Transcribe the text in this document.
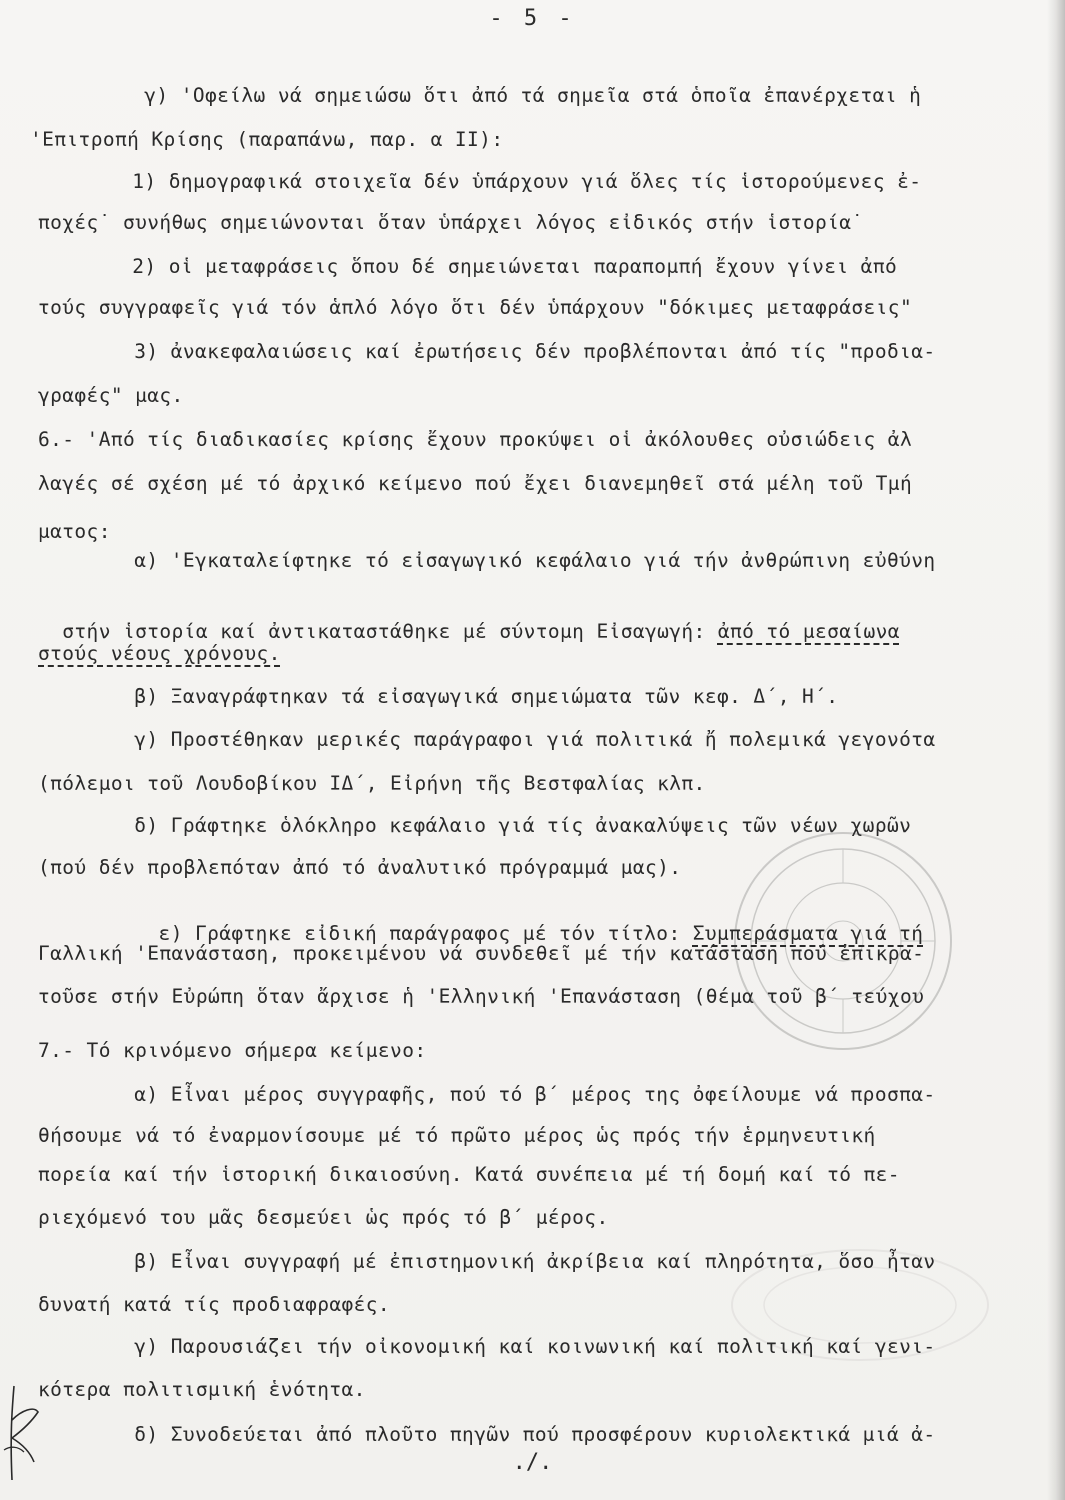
- 5 -
γ) 'Οφείλω νά σημειώσω ὅτι ἀπό τά σημεῖα στά ὁποῖα ἐπανέρχεται ἡ
'Επιτροπή Κρίσης (παραπάνω, παρ. α II):
1) δημογραφικά στοιχεῖα δέν ὑπάρχουν γιά ὅλες τίς ἱστορούμενες ἐ-
ποχές˙ συνήθως σημειώνονται ὅταν ὑπάρχει λόγος εἰδικός στήν ἱστορία˙
2) οἱ μεταφράσεις ὅπου δέ σημειώνεται παραπομπή ἔχουν γίνει ἀπό
τούς συγγραφεῖς γιά τόν ἁπλό λόγο ὅτι δέν ὑπάρχουν "δόκιμες μεταφράσεις"
3) ἀνακεφαλαιώσεις καί ἐρωτήσεις δέν προβλέπονται ἀπό τίς "προδια-
γραφές" μας.
6.- 'Από τίς διαδικασίες κρίσης ἔχουν προκύψει οἱ ἀκόλουθες οὐσιώδεις ἀλ
λαγές σέ σχέση μέ τό ἀρχικό κείμενο πού ἔχει διανεμηθεῖ στά μέλη τοῦ Τμή
ματος:
α) 'Εγκαταλείφτηκε τό εἰσαγωγικό κεφάλαιο γιά τήν ἀνθρώπινη εὐθύνη

στήν ἱστορία καί ἀντικαταστάθηκε μέ σύντομη Εἰσαγωγή: ἀπό τό μεσαίωνα

στούς νέους χρόνους.
β) Ξαναγράφτηκαν τά εἰσαγωγικά σημειώματα τῶν κεφ. Δ΄, Η΄.
γ) Προστέθηκαν μερικές παράγραφοι γιά πολιτικά ἤ πολεμικά γεγονότα
(πόλεμοι τοῦ Λουδοβίκου ΙΔ΄, Εἰρήνη τῆς Βεστφαλίας κλπ.
δ) Γράφτηκε ὁλόκληρο κεφάλαιο γιά τίς ἀνακαλύψεις τῶν νέων χωρῶν
(πού δέν προβλεπόταν ἀπό τό ἀναλυτικό πρόγραμμά μας).

ε) Γράφτηκε εἰδική παράγραφος μέ τόν τίτλο: Συμπεράσματα γιά τή

Γαλλική 'Επανάσταση, προκειμένου νά συνδεθεῖ μέ τήν κατάσταση πού ἐπικρα-
τοῦσε στήν Εὐρώπη ὅταν ἄρχισε ἡ 'Ελληνική 'Επανάσταση (θέμα τοῦ β΄ τεύχου
7.- Τό κρινόμενο σήμερα κείμενο:
α) Εἶναι μέρος συγγραφῆς, πού τό β΄ μέρος της ὀφείλουμε νά προσπα-
θήσουμε νά τό ἐναρμονίσουμε μέ τό πρῶτο μέρος ὡς πρός τήν ἑρμηνευτική
πορεία καί τήν ἱστορική δικαιοσύνη. Κατά συνέπεια μέ τή δομή καί τό πε-
ριεχόμενό του μᾶς δεσμεύει ὡς πρός τό β΄ μέρος.
β) Εἶναι συγγραφή μέ ἐπιστημονική ἀκρίβεια καί πληρότητα, ὅσο ἦταν
δυνατή κατά τίς προδιαφραφές.
γ) Παρουσιάζει τήν οἰκονομική καί κοινωνική καί πολιτική καί γενι-
κότερα πολιτισμική ἑνότητα.
δ) Συνοδεύεται ἀπό πλοῦτο πηγῶν πού προσφέρουν κυριολεκτικά μιά ἀ-
./.
